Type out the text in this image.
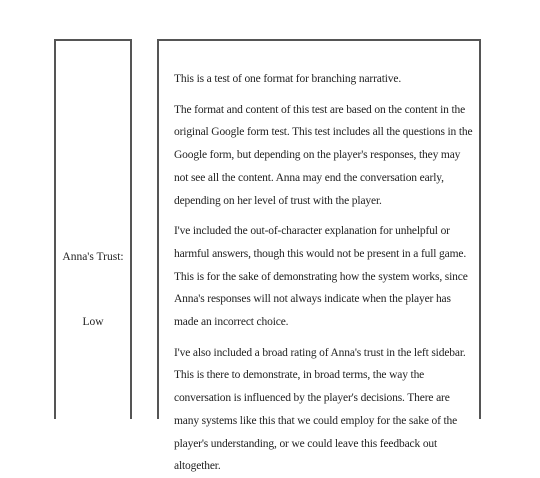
Anna's Trust:
Low

This is a test of one format for branching narrative.

The format and content of this test are based on the content in the original Google form test. This test includes all the questions in the Google form, but depending on the player's responses, they may not see all the content. Anna may end the conversation early, depending on her level of trust with the player.

I've included the out-of-character explanation for unhelpful or harmful answers, though this would not be present in a full game. This is for the sake of demonstrating how the system works, since Anna's responses will not always indicate when the player has made an incorrect choice.

I've also included a broad rating of Anna's trust in the left sidebar. This is there to demonstrate, in broad terms, the way the conversation is influenced by the player's decisions. There are many systems like this that we could employ for the sake of the player's understanding, or we could leave this feedback out altogether.
